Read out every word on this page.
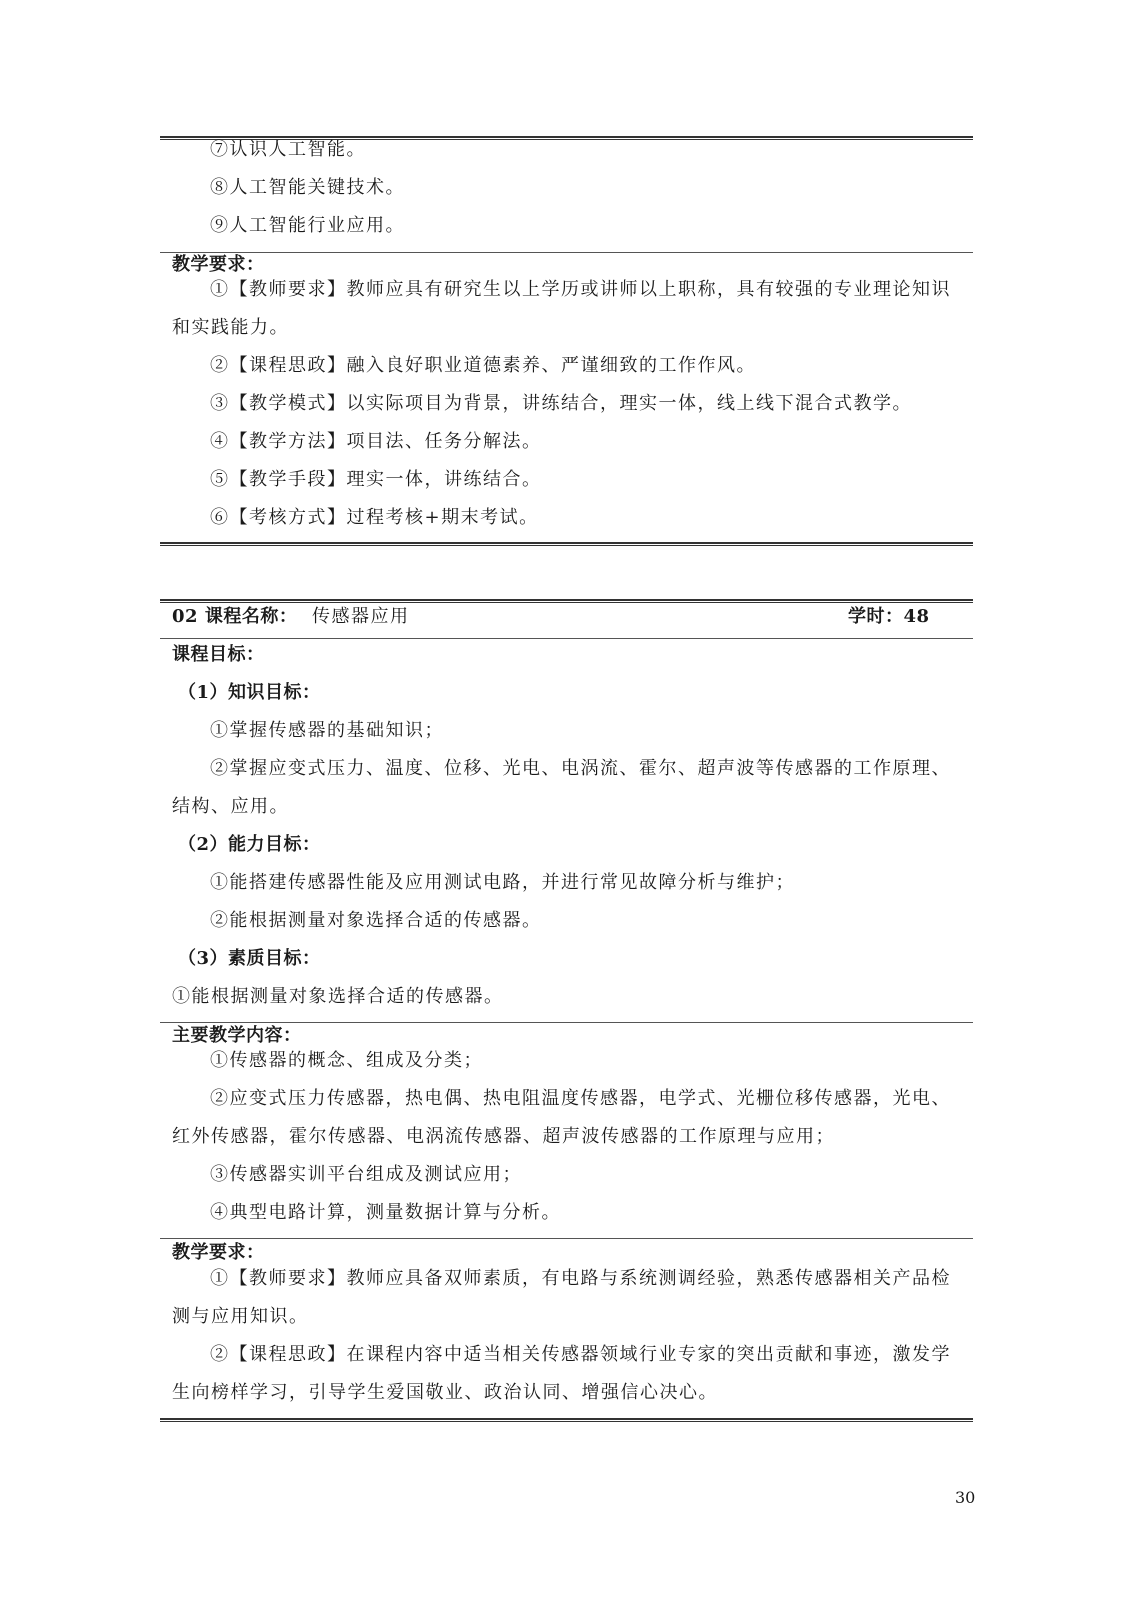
⑦认识人工智能。
⑧人工智能关键技术。
⑨人工智能行业应用。
教学要求：
①【教师要求】教师应具有研究生以上学历或讲师以上职称，具有较强的专业理论知识
和实践能力。
②【课程思政】融入良好职业道德素养、严谨细致的工作作风。
③【教学模式】以实际项目为背景，讲练结合，理实一体，线上线下混合式教学。
④【教学方法】项目法、任务分解法。
⑤【教学手段】理实一体，讲练结合。
⑥【考核方式】过程考核+期末考试。
02 课程名称： 传感器应用	学时：48
课程目标：
（1）知识目标：
①掌握传感器的基础知识；
②掌握应变式压力、温度、位移、光电、电涡流、霍尔、超声波等传感器的工作原理、
结构、应用。
（2）能力目标：
①能搭建传感器性能及应用测试电路，并进行常见故障分析与维护；
②能根据测量对象选择合适的传感器。
（3）素质目标：
①能根据测量对象选择合适的传感器。
主要教学内容：
①传感器的概念、组成及分类；
②应变式压力传感器，热电偶、热电阻温度传感器，电学式、光栅位移传感器，光电、
红外传感器，霍尔传感器、电涡流传感器、超声波传感器的工作原理与应用；
③传感器实训平台组成及测试应用；
④典型电路计算，测量数据计算与分析。
教学要求：
①【教师要求】教师应具备双师素质，有电路与系统测调经验，熟悉传感器相关产品检
测与应用知识。
②【课程思政】在课程内容中适当相关传感器领域行业专家的突出贡献和事迹，激发学
生向榜样学习，引导学生爱国敬业、政治认同、增强信心决心。
30
